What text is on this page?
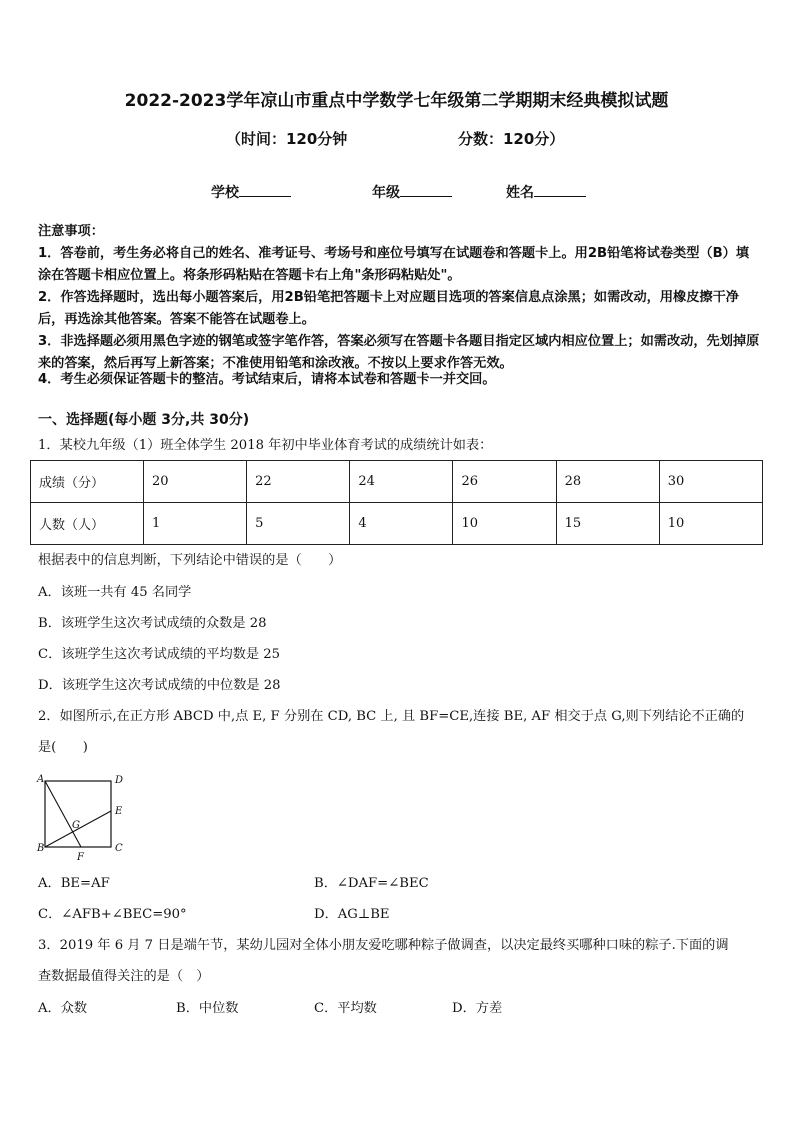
2022-2023学年凉山市重点中学数学七年级第二学期期末经典模拟试题
（时间：120分钟	分数：120分）
学校	年级	姓名
注意事项：
1．答卷前，考生务必将自己的姓名、准考证号、考场号和座位号填写在试题卷和答题卡上。用2B铅笔将试卷类型（B）填涂在答题卡相应位置上。将条形码粘贴在答题卡右上角"条形码粘贴处"。
2．作答选择题时，选出每小题答案后，用2B铅笔把答题卡上对应题目选项的答案信息点涂黑；如需改动，用橡皮擦干净后，再选涂其他答案。答案不能答在试题卷上。
3．非选择题必须用黑色字迹的钢笔或签字笔作答，答案必须写在答题卡各题目指定区域内相应位置上；如需改动，先划掉原来的答案，然后再写上新答案；不准使用铅笔和涂改液。不按以上要求作答无效。
4．考生必须保证答题卡的整洁。考试结束后，请将本试卷和答题卡一并交回。
一、选择题(每小题 3分,共 30分)
1．某校九年级（1）班全体学生 2018 年初中毕业体育考试的成绩统计如表：
成绩（分）	20	22	24	26	28	30
人数（人）	1	5	4	10	15	10
根据表中的信息判断，下列结论中错误的是（　　）
A．该班一共有 45 名同学
B．该班学生这次考试成绩的众数是 28
C．该班学生这次考试成绩的平均数是 25
D．该班学生这次考试成绩的中位数是 28
2．如图所示,在正方形 ABCD 中,点 E, F 分别在 CD, BC 上, 且 BF=CE,连接 BE, AF 相交于点 G,则下列结论不正确的
是(　　)
A	D
B	C
E
F
G
A．BE=AF	B．∠DAF=∠BEC
C．∠AFB+∠BEC=90°	D．AG⊥BE
3．2019 年 6 月 7 日是端午节，某幼儿园对全体小朋友爱吃哪种粽子做调查，以决定最终买哪种口味的粽子.下面的调
查数据最值得关注的是（　）
A．众数	B．中位数	C．平均数	D．方差
